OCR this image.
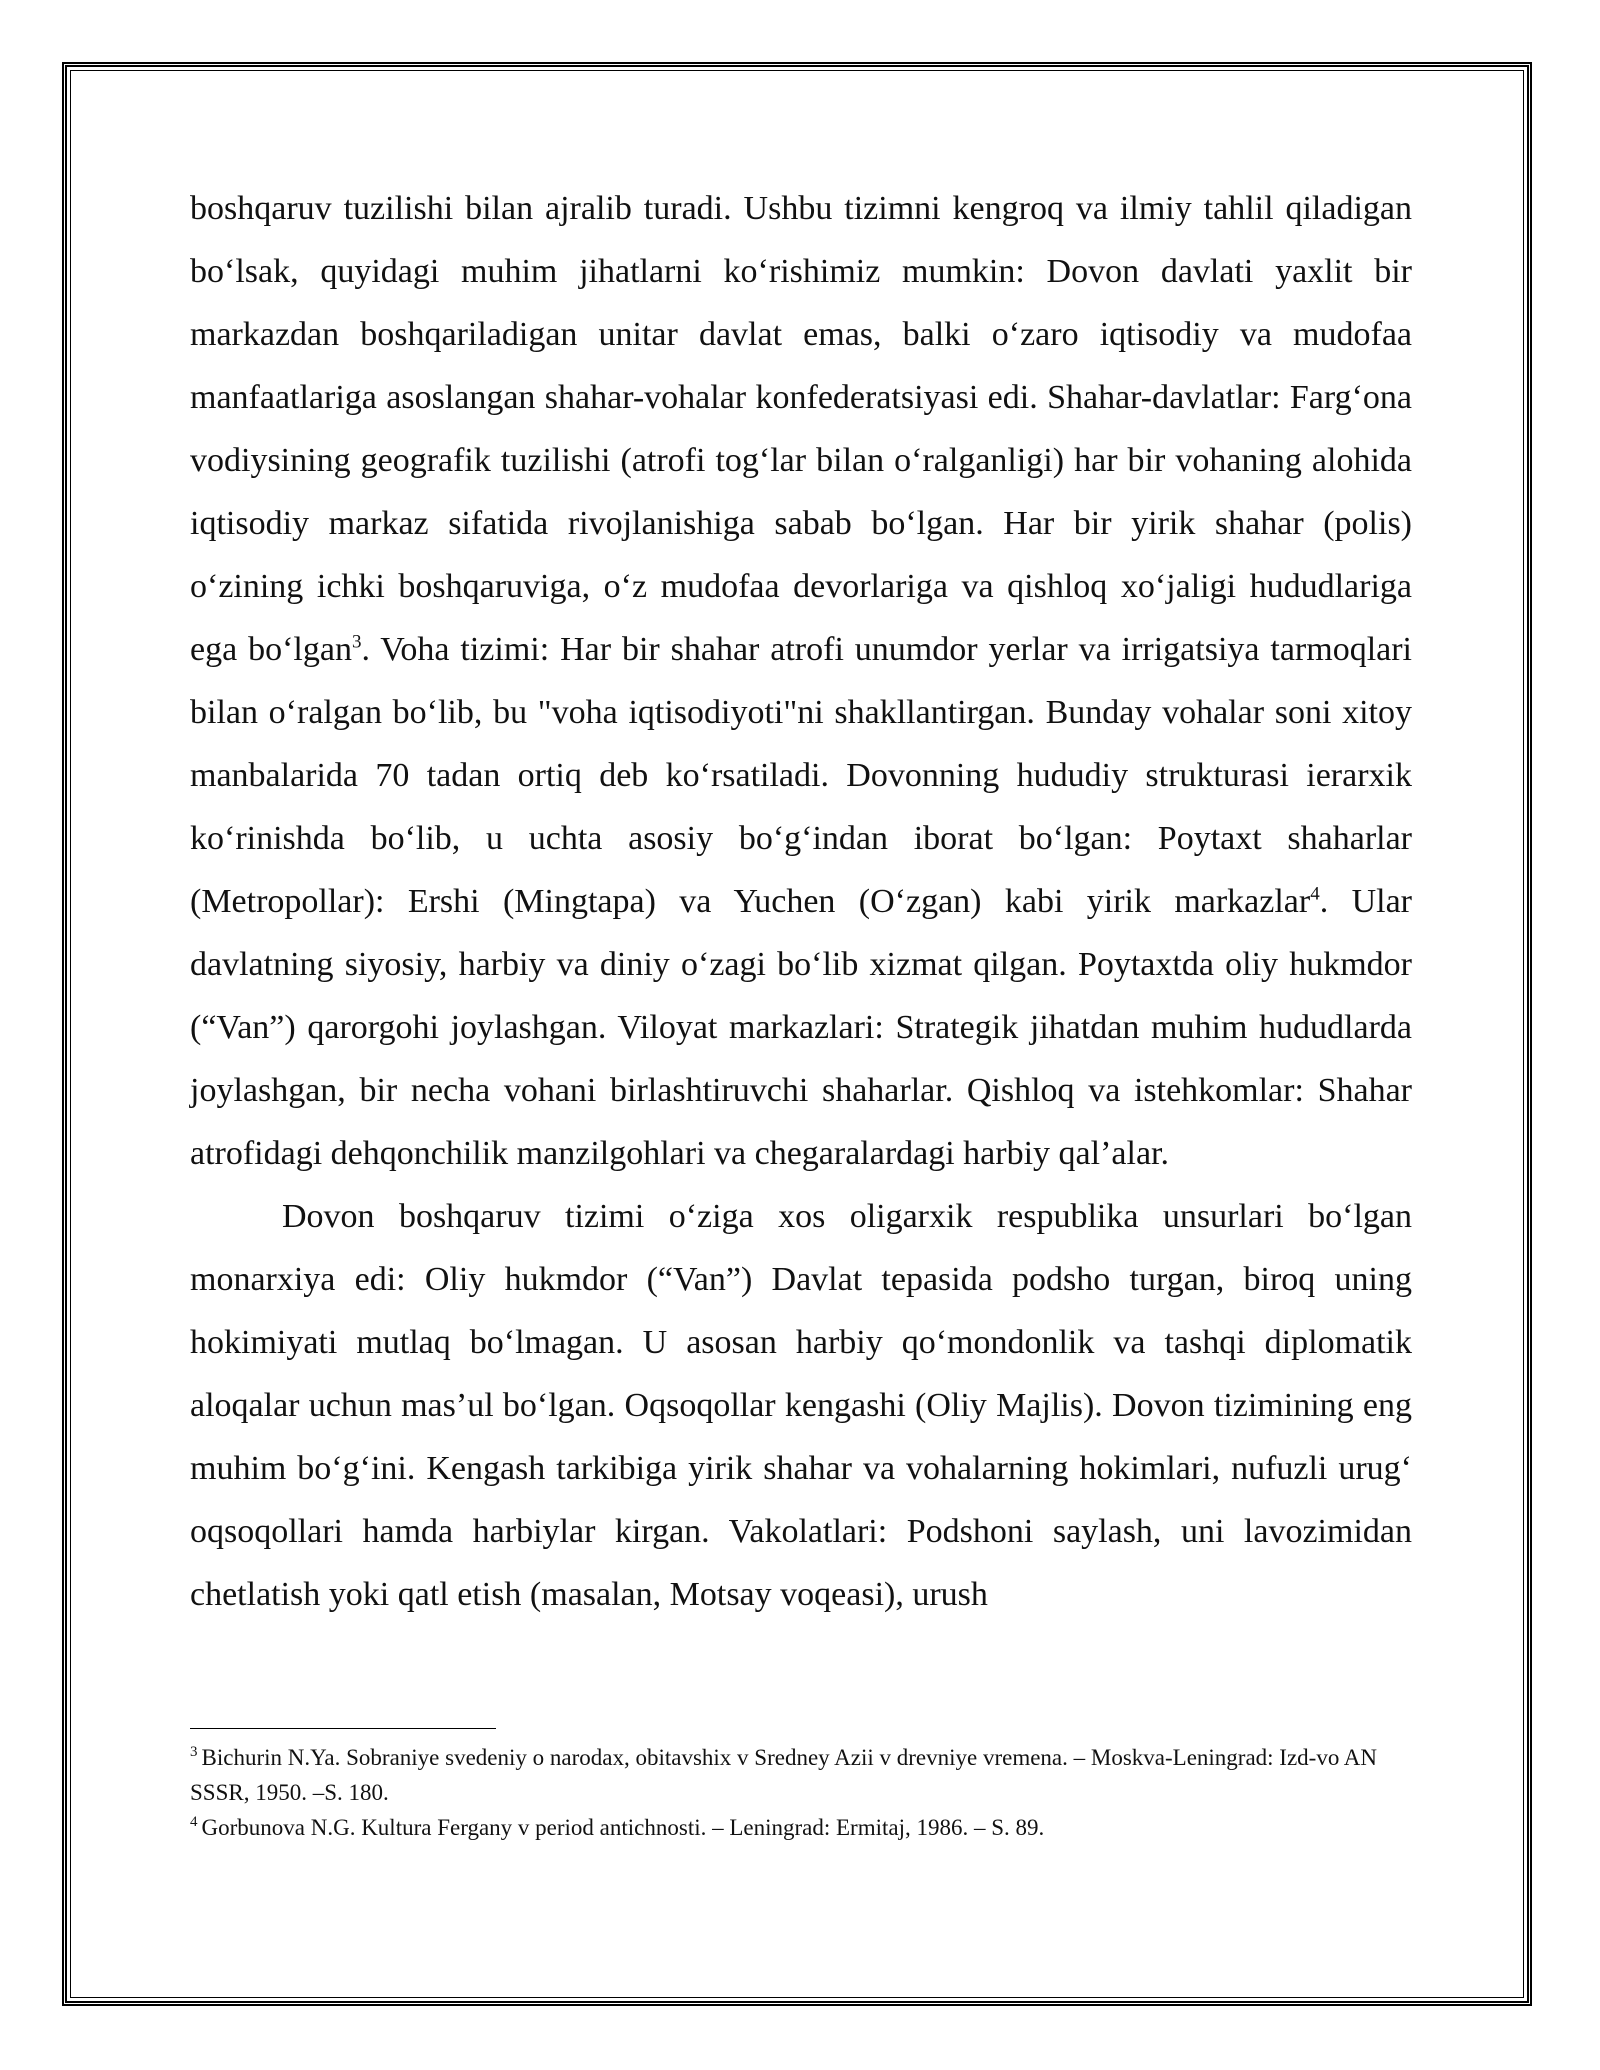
boshqaruv tuzilishi bilan ajralib turadi. Ushbu tizimni kengroq va ilmiy tahlil qiladigan bo‘lsak, quyidagi muhim jihatlarni ko‘rishimiz mumkin: Dovon davlati yaxlit bir markazdan boshqariladigan unitar davlat emas, balki o‘zaro iqtisodiy va mudofaa manfaatlariga asoslangan shahar-vohalar konfederatsiyasi edi. Shahar-davlatlar: Farg‘ona vodiysining geografik tuzilishi (atrofi tog‘lar bilan o‘ralganligi) har bir vohaning alohida iqtisodiy markaz sifatida rivojlanishiga sabab bo‘lgan. Har bir yirik shahar (polis) o‘zining ichki boshqaruviga, o‘z mudofaa devorlariga va qishloq xo‘jaligi hududlariga ega bo‘lgan$^3$. Voha tizimi: Har bir shahar atrofi unumdor yerlar va irrigatsiya tarmoqlari bilan o‘ralgan bo‘lib, bu "voha iqtisodiyoti"ni shakllantirgan. Bunday vohalar soni xitoy manbalarida 70 tadan ortiq deb ko‘rsatiladi. Dovonning hududiy strukturasi ierarxik ko‘rinishda bo‘lib, u uchta asosiy bo‘g‘indan iborat bo‘lgan: Poytaxt shaharlar (Metropollar): Ershi (Mingtapa) va Yuchen (O‘zgan) kabi yirik markazlar$^4$. Ular davlatning siyosiy, harbiy va diniy o‘zagi bo‘lib xizmat qilgan. Poytaxtda oliy hukmdor (“Van”) qarorgohi joylashgan. Viloyat markazlari: Strategik jihatdan muhim hududlarda joylashgan, bir necha vohani birlashtiruvchi shaharlar. Qishloq va istehkomlar: Shahar atrofidagi dehqonchilik manzilgohlari va chegaralardagi harbiy qal’alar.

Dovon boshqaruv tizimi o‘ziga xos oligarxik respublika unsurlari bo‘lgan monarxiya edi: Oliy hukmdor (“Van”) Davlat tepasida podsho turgan, biroq uning hokimiyati mutlaq bo‘lmagan. U asosan harbiy qo‘mondonlik va tashqi diplomatik aloqalar uchun mas’ul bo‘lgan. Oqsoqollar kengashi (Oliy Majlis). Dovon tizimining eng muhim bo‘g‘ini. Kengash tarkibiga yirik shahar va vohalarning hokimlari, nufuzli urug‘ oqsoqollari hamda harbiylar kirgan. Vakolatlari: Podshoni saylash, uni lavozimidan chetlatish yoki qatl etish (masalan, Motsay voqeasi), urush

$^3$ Bichurin N.Ya. Sobraniye svedeniy o narodax, obitavshix v Sredney Azii v drevniye vremena. – Moskva-Leningrad: Izd-vo AN SSSR, 1950. –S. 180.

$^4$ Gorbunova N.G. Kultura Fergany v period antichnosti. – Leningrad: Ermitaj, 1986. – S. 89.
